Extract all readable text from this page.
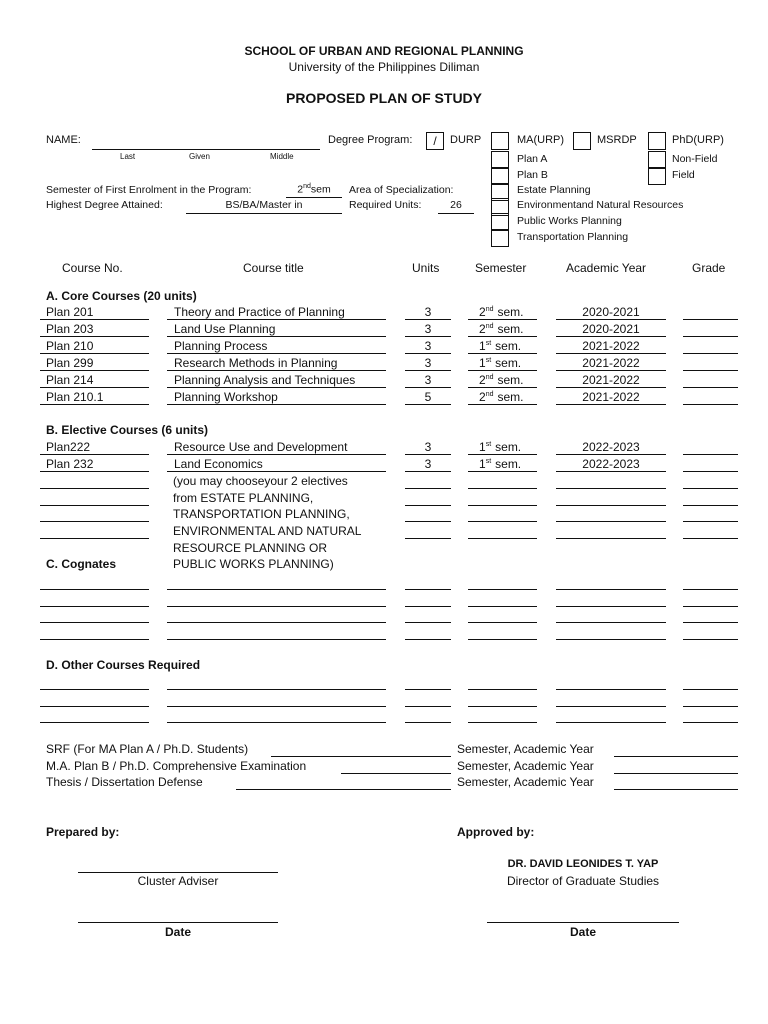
SCHOOL OF URBAN AND REGIONAL PLANNING
University of the Philippines Diliman
PROPOSED PLAN OF STUDY
NAME:
Last	Given	Middle
Degree Program:	/	DURP	MA(URP)	MSRDP	PhD(URP)
Plan A	Non-Field
Plan B	Field
Estate Planning
Environmentand Natural Resources
Public Works Planning
Transportation Planning
Semester of First Enrolment in the Program:	2ndsem	Area of Specialization:
Highest Degree Attained:	BS/BA/Master in	Required Units:	26
Course No.	Course title	Units	Semester	Academic Year	Grade
A. Core Courses (20 units)
Plan 201	Theory and Practice of Planning	3	2nd sem.	2020-2021
Plan 203	Land Use Planning	3	2nd sem.	2020-2021
Plan 210	Planning Process	3	1st sem.	2021-2022
Plan 299	Research Methods in Planning	3	1st sem.	2021-2022
Plan 214	Planning Analysis and Techniques	3	2nd sem.	2021-2022
Plan 210.1	Planning Workshop	5	2nd sem.	2021-2022
B. Elective Courses (6 units)
Plan222	Resource Use and Development	3	1st sem.	2022-2023
Plan 232	Land Economics	3	1st sem.	2022-2023
(you may chooseyour 2 electives
from ESTATE PLANNING,
TRANSPORTATION PLANNING,
ENVIRONMENTAL AND NATURAL
RESOURCE PLANNING OR
PUBLIC WORKS PLANNING)
C. Cognates
D. Other Courses Required
SRF (For MA Plan A / Ph.D. Students)	Semester, Academic Year
M.A. Plan B / Ph.D. Comprehensive Examination	Semester, Academic Year
Thesis / Dissertation Defense	Semester, Academic Year
Prepared by:	Approved by:
Cluster Adviser
DR. DAVID LEONIDES T. YAP
Director of Graduate Studies
Date	Date
